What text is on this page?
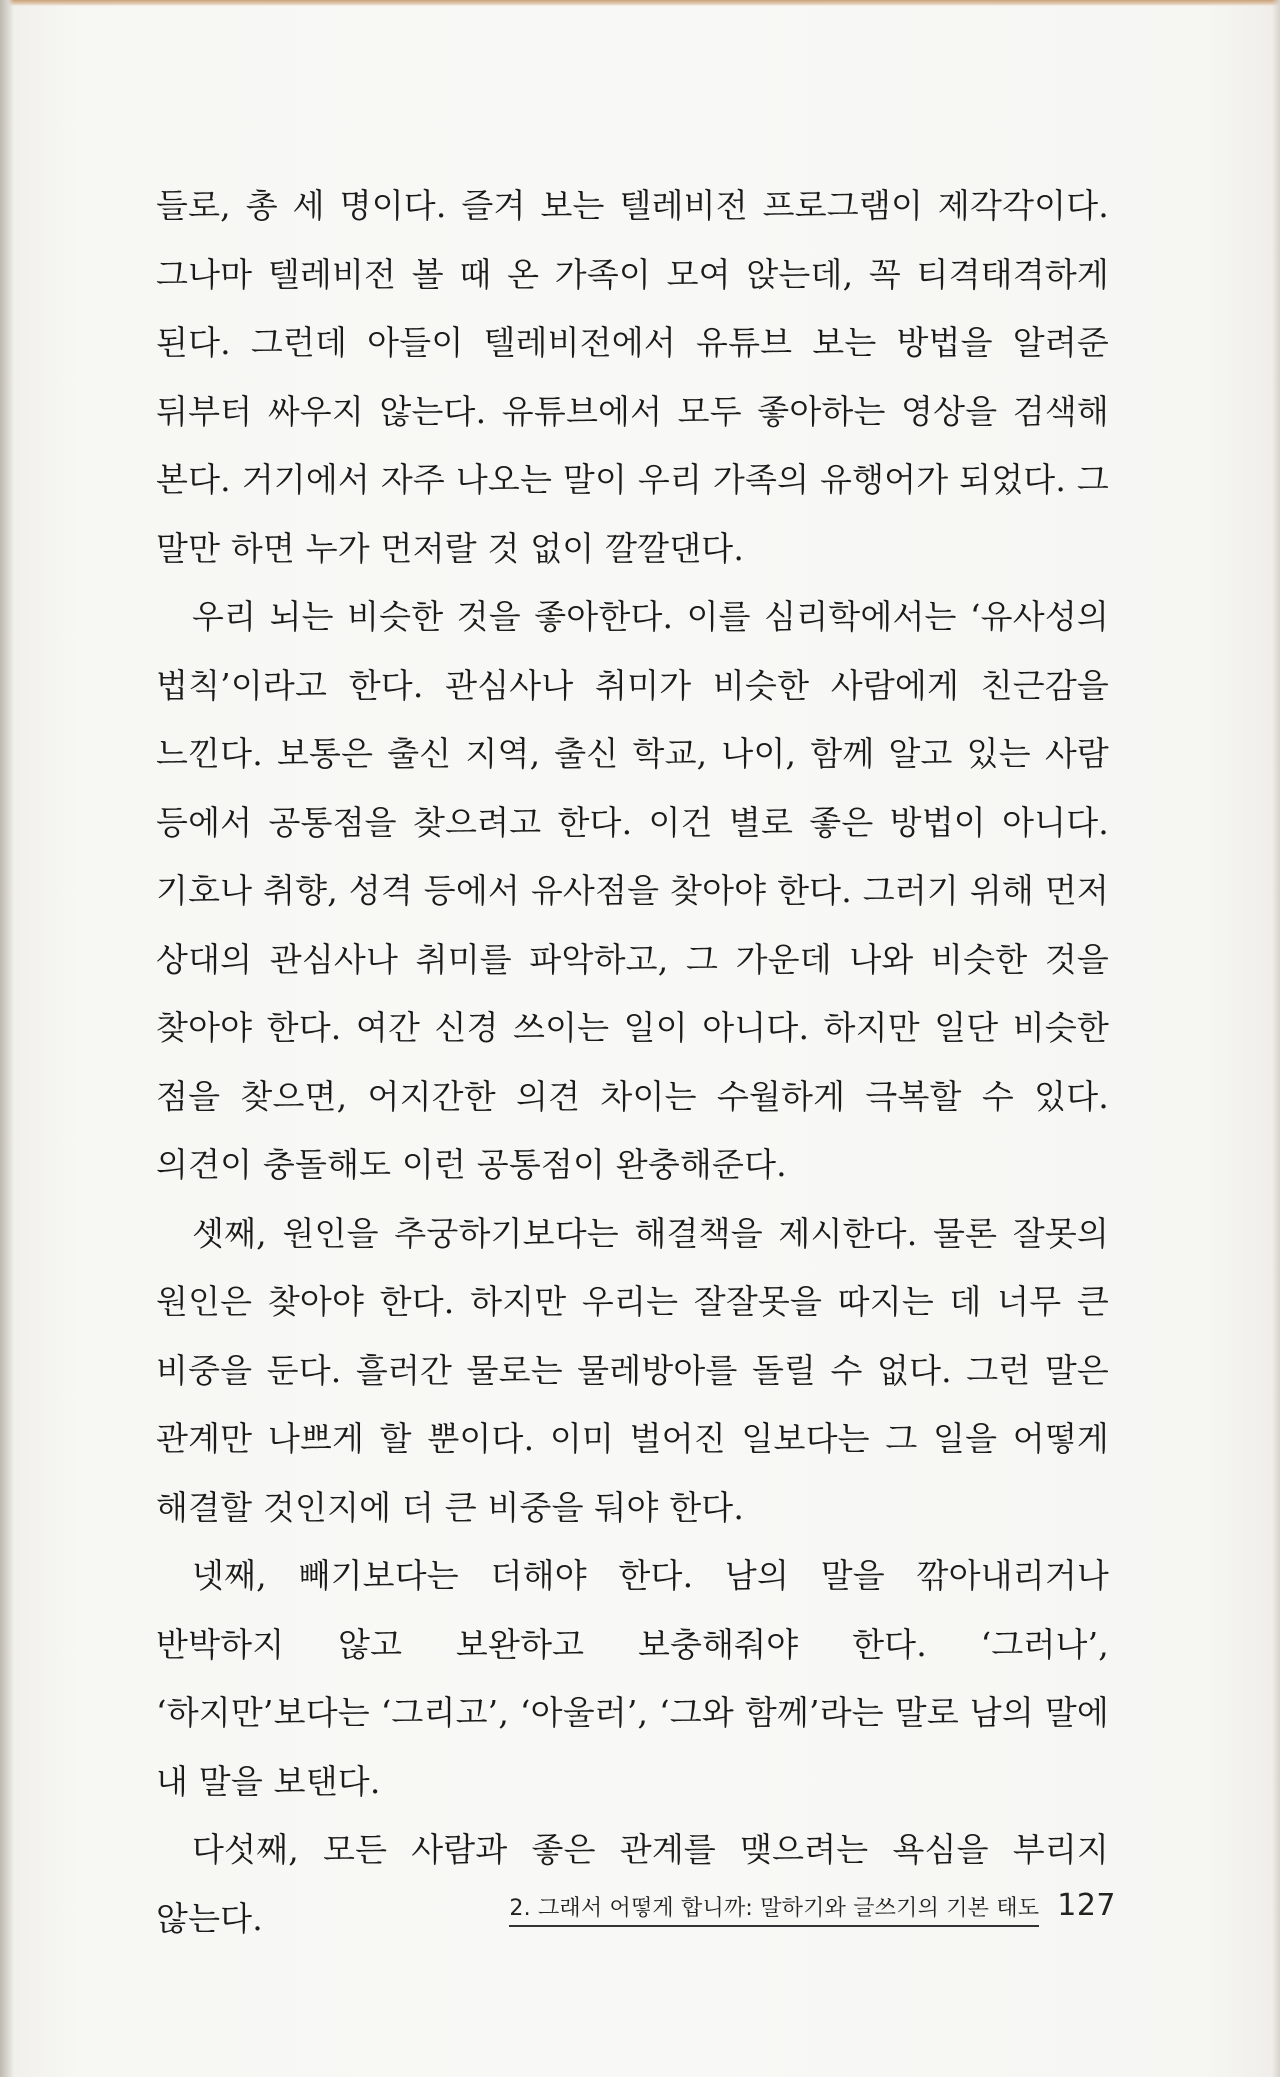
들로, 총 세 명이다. 즐겨 보는 텔레비전 프로그램이 제각각이다. 그나마 텔레비전 볼 때 온 가족이 모여 앉는데, 꼭 티격태격하게 된다. 그런데 아들이 텔레비전에서 유튜브 보는 방법을 알려준 뒤부터 싸우지 않는다. 유튜브에서 모두 좋아하는 영상을 검색해 본다. 거기에서 자주 나오는 말이 우리 가족의 유행어가 되었다. 그 말만 하면 누가 먼저랄 것 없이 깔깔댄다.

우리 뇌는 비슷한 것을 좋아한다. 이를 심리학에서는 ‘유사성의 법칙’이라고 한다. 관심사나 취미가 비슷한 사람에게 친근감을 느낀다. 보통은 출신 지역, 출신 학교, 나이, 함께 알고 있는 사람 등에서 공통점을 찾으려고 한다. 이건 별로 좋은 방법이 아니다. 기호나 취향, 성격 등에서 유사점을 찾아야 한다. 그러기 위해 먼저 상대의 관심사나 취미를 파악하고, 그 가운데 나와 비슷한 것을 찾아야 한다. 여간 신경 쓰이는 일이 아니다. 하지만 일단 비슷한 점을 찾으면, 어지간한 의견 차이는 수월하게 극복할 수 있다. 의견이 충돌해도 이런 공통점이 완충해준다.

셋째, 원인을 추궁하기보다는 해결책을 제시한다. 물론 잘못의 원인은 찾아야 한다. 하지만 우리는 잘잘못을 따지는 데 너무 큰 비중을 둔다. 흘러간 물로는 물레방아를 돌릴 수 없다. 그런 말은 관계만 나쁘게 할 뿐이다. 이미 벌어진 일보다는 그 일을 어떻게 해결할 것인지에 더 큰 비중을 둬야 한다.

넷째, 빼기보다는 더해야 한다. 남의 말을 깎아내리거나 반박하지 않고 보완하고 보충해줘야 한다. ‘그러나’, ‘하지만’보다는 ‘그리고’, ‘아울러’, ‘그와 함께’라는 말로 남의 말에 내 말을 보탠다.

다섯째, 모든 사람과 좋은 관계를 맺으려는 욕심을 부리지 않는다.	2. 그래서 어떻게 합니까: 말하기와 글쓰기의 기본 태도 127
